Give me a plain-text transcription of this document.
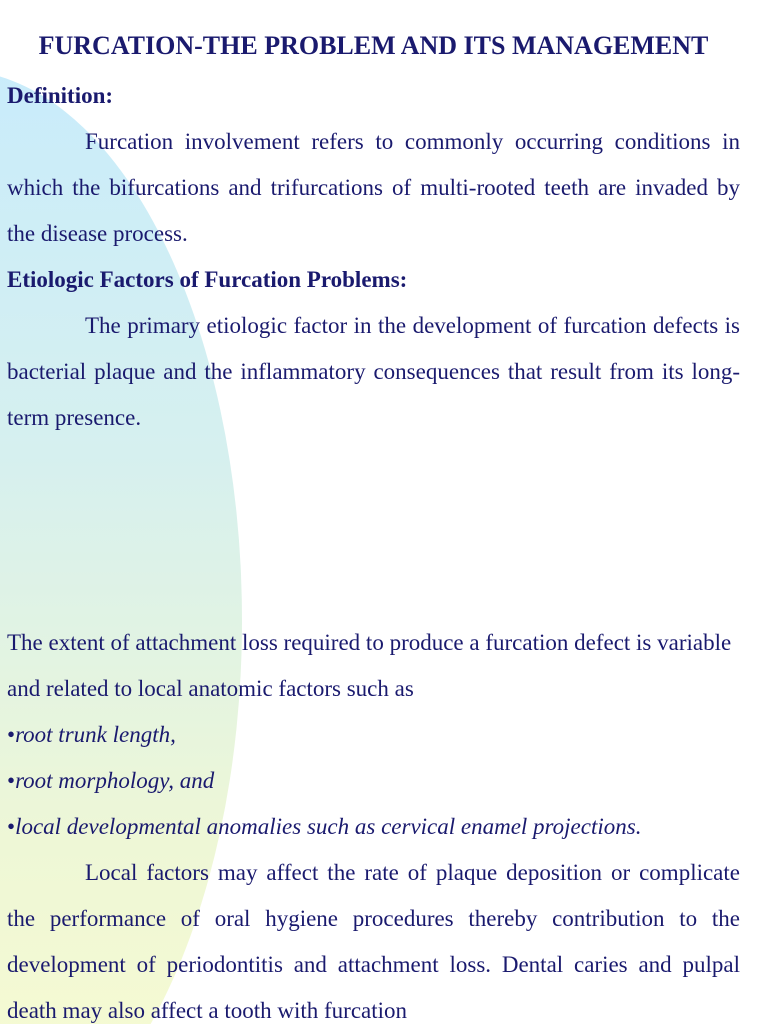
FURCATION-THE PROBLEM AND ITS MANAGEMENT

Definition:

Furcation involvement refers to commonly occurring conditions in which the bifurcations and trifurcations of multi-rooted teeth are invaded by the disease process.

Etiologic Factors of Furcation Problems:

The primary etiologic factor in the development of furcation defects is bacterial plaque and the inflammatory consequences that result from its long-term presence.

The extent of attachment loss required to produce a furcation defect is variable and related to local anatomic factors such as

•root trunk length,

•root morphology, and

•local developmental anomalies such as cervical enamel projections.

Local factors may affect the rate of plaque deposition or complicate the performance of oral hygiene procedures thereby contribution to the development of periodontitis and attachment loss. Dental caries and pulpal death may also affect a tooth with furcation
